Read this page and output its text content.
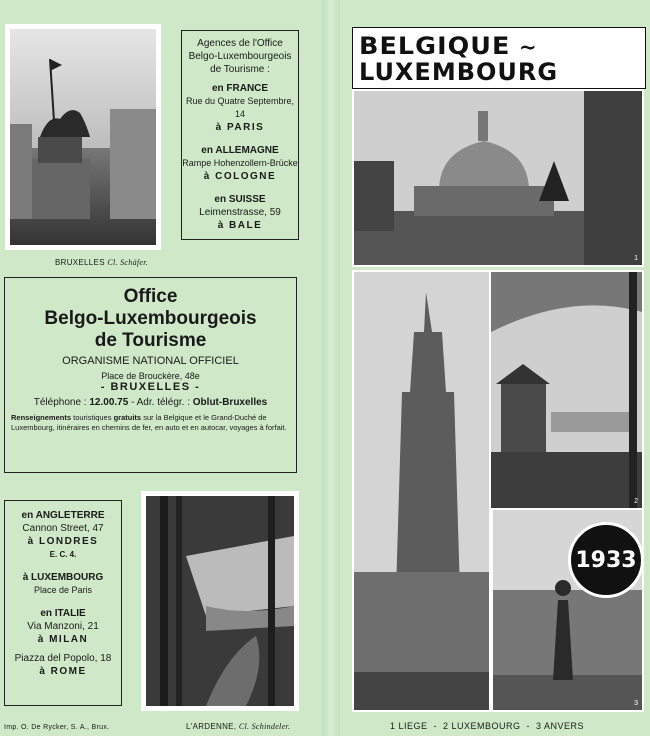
BRUXELLES Cl. Schäfer.
Agences de l'Office
Belgo-Luxembourgeois
de Tourisme :
en FRANCE
Rue du Quatre Septembre, 14
à PARIS
en ALLEMAGNE
Rampe Hohenzollern-Brücke
à COLOGNE
en SUISSE
Leimenstrasse, 59
à BALE
Office
Belgo-Luxembourgeois
de Tourisme
ORGANISME NATIONAL OFFICIEL
Place de Brouckère, 48e
- BRUXELLES -
Téléphone : 12.00.75 - Adr. télégr. : Oblut-Bruxelles
Renseignements touristiques gratuits sur la Belgique et le Grand-Duché de Luxembourg, itinéraires en chemins de fer, en auto et en autocar, voyages à forfait.
en ANGLETERRE
Cannon Street, 47
à LONDRES
E. C. 4.
à LUXEMBOURG
Place de Paris
en ITALIE
Via Manzoni, 21
à MILAN
Piazza del Popolo, 18
à ROME
Imp. O. De Rycker, S. A., Brux.	L'ARDENNE, Cl. Schindeler.
BELGIQUE ~
LUXEMBOURG
1
2
3
1933
1 LIEGE  -  2 LUXEMBOURG  -  3 ANVERS
